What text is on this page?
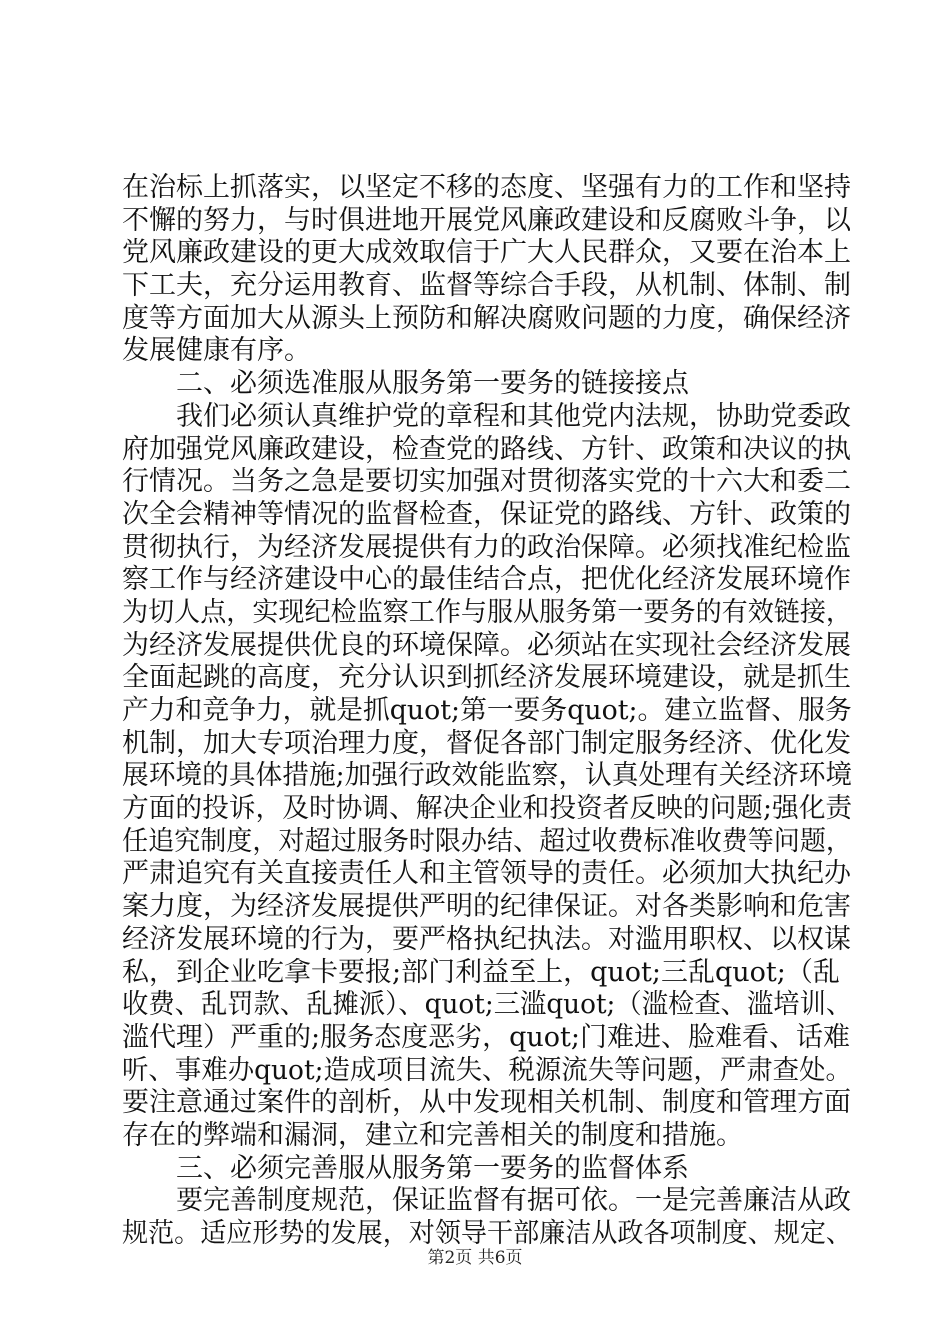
在治标上抓落实，以坚定不移的态度、坚强有力的工作和坚持
不懈的努力，与时俱进地开展党风廉政建设和反腐败斗争，以
党风廉政建设的更大成效取信于广大人民群众，又要在治本上
下工夫，充分运用教育、监督等综合手段，从机制、体制、制
度等方面加大从源头上预防和解决腐败问题的力度，确保经济
发展健康有序。
　　二、必须选准服从服务第一要务的链接接点
　　我们必须认真维护党的章程和其他党内法规，协助党委政
府加强党风廉政建设，检查党的路线、方针、政策和决议的执
行情况。当务之急是要切实加强对贯彻落实党的十六大和委二
次全会精神等情况的监督检查，保证党的路线、方针、政策的
贯彻执行，为经济发展提供有力的政治保障。必须找准纪检监
察工作与经济建设中心的最佳结合点，把优化经济发展环境作
为切人点，实现纪检监察工作与服从服务第一要务的有效链接，
为经济发展提供优良的环境保障。必须站在实现社会经济发展
全面起跳的高度，充分认识到抓经济发展环境建设，就是抓生
产力和竞争力，就是抓quot;第一要务quot;。建立监督、服务
机制，加大专项治理力度，督促各部门制定服务经济、优化发
展环境的具体措施;加强行政效能监察，认真处理有关经济环境
方面的投诉，及时协调、解决企业和投资者反映的问题;强化责
任追究制度，对超过服务时限办结、超过收费标准收费等问题，
严肃追究有关直接责任人和主管领导的责任。必须加大执纪办
案力度，为经济发展提供严明的纪律保证。对各类影响和危害
经济发展环境的行为，要严格执纪执法。对滥用职权、以权谋
私，到企业吃拿卡要报;部门利益至上，quot;三乱quot;（乱
收费、乱罚款、乱摊派）、quot;三滥quot;（滥检查、滥培训、
滥代理）严重的;服务态度恶劣，quot;门难进、脸难看、话难
听、事难办quot;造成项目流失、税源流失等问题，严肃查处。
要注意通过案件的剖析，从中发现相关机制、制度和管理方面
存在的弊端和漏洞，建立和完善相关的制度和措施。
　　三、必须完善服从服务第一要务的监督体系
　　要完善制度规范，保证监督有据可依。一是完善廉洁从政
规范。适应形势的发展，对领导干部廉洁从政各项制度、规定、
第2页 共6页
